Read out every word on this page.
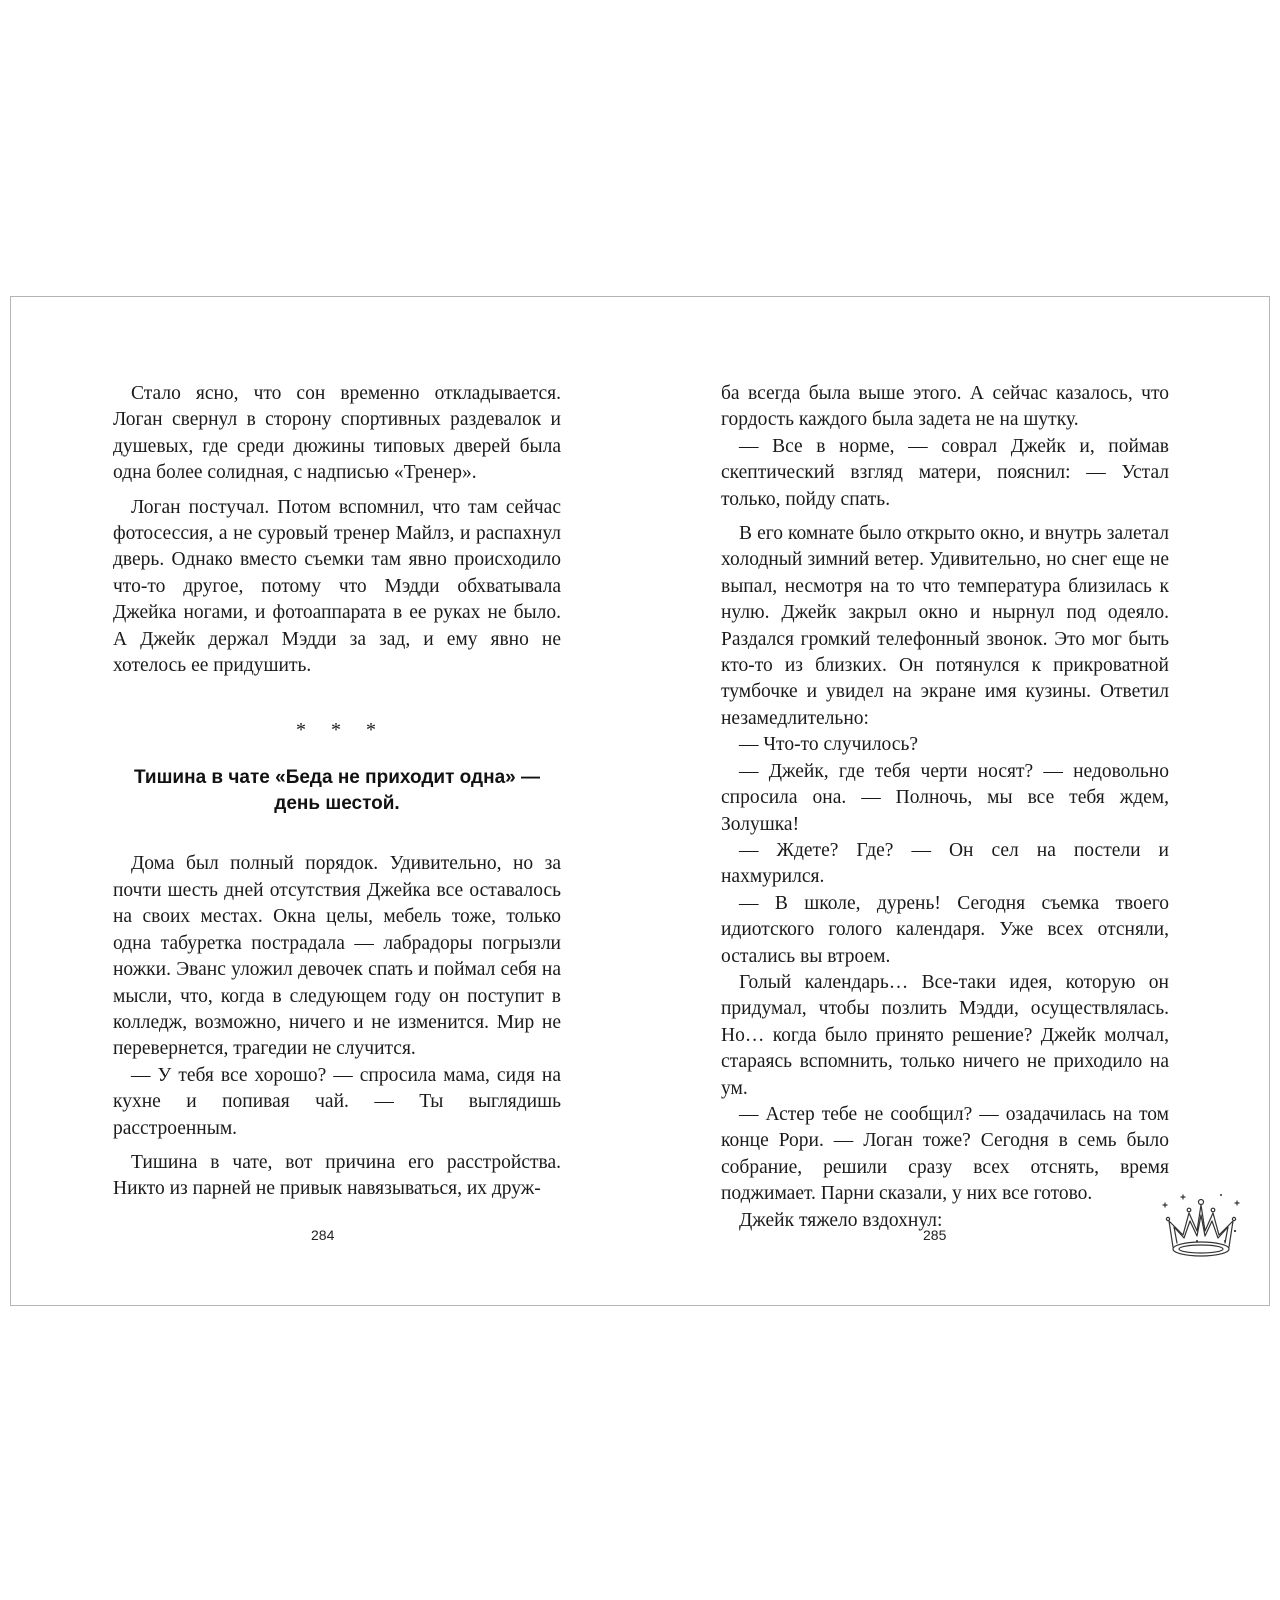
Стало ясно, что сон временно откладывается. Логан свернул в сторону спортивных раздевалок и душевых, где среди дюжины типовых дверей была одна более солидная, с надписью «Тренер».

Логан постучал. Потом вспомнил, что там сейчас фотосессия, а не суровый тренер Майлз, и распахнул дверь. Однако вместо съемки там явно происходило что-то другое, потому что Мэдди обхватывала Джейка ногами, и фотоаппарата в ее руках не было. А Джейк держал Мэдди за зад, и ему явно не хотелось ее придушить.

* * *
Тишина в чате «Беда не приходит одна» —
день шестой.

Дома был полный порядок. Удивительно, но за почти шесть дней отсутствия Джейка все оставалось на своих местах. Окна целы, мебель тоже, только одна табуретка пострадала — лабрадоры погрызли ножки. Эванс уложил девочек спать и поймал себя на мысли, что, когда в следующем году он поступит в колледж, возможно, ничего и не изменится. Мир не перевернется, трагедии не случится.

— У тебя все хорошо? — спросила мама, сидя на кухне и попивая чай. — Ты выглядишь расстроенным.

Тишина в чате, вот причина его расстройства. Никто из парней не привык навязываться, их друж-

ба всегда была выше этого. А сейчас казалось, что гордость каждого была задета не на шутку.

— Все в норме, — соврал Джейк и, поймав скептический взгляд матери, пояснил: — Устал только, пойду спать.

В его комнате было открыто окно, и внутрь залетал холодный зимний ветер. Удивительно, но снег еще не выпал, несмотря на то что температура близилась к нулю. Джейк закрыл окно и нырнул под одеяло. Раздался громкий телефонный звонок. Это мог быть кто-то из близких. Он потянулся к прикроватной тумбочке и увидел на экране имя кузины. Ответил незамедлительно:

— Что-то случилось?

— Джейк, где тебя черти носят? — недовольно спросила она. — Полночь, мы все тебя ждем, Золушка!

— Ждете? Где? — Он сел на постели и нахмурился.

— В школе, дурень! Сегодня съемка твоего идиотского голого календаря. Уже всех отсняли, остались вы втроем.

Голый календарь… Все-таки идея, которую он придумал, чтобы позлить Мэдди, осуществлялась. Но… когда было принято решение? Джейк молчал, стараясь вспомнить, только ничего не приходило на ум.

— Астер тебе не сообщил? — озадачилась на том конце Рори. — Логан тоже? Сегодня в семь было собрание, решили сразу всех отснять, время поджимает. Парни сказали, у них все готово.

Джейк тяжело вздохнул:

284	285
